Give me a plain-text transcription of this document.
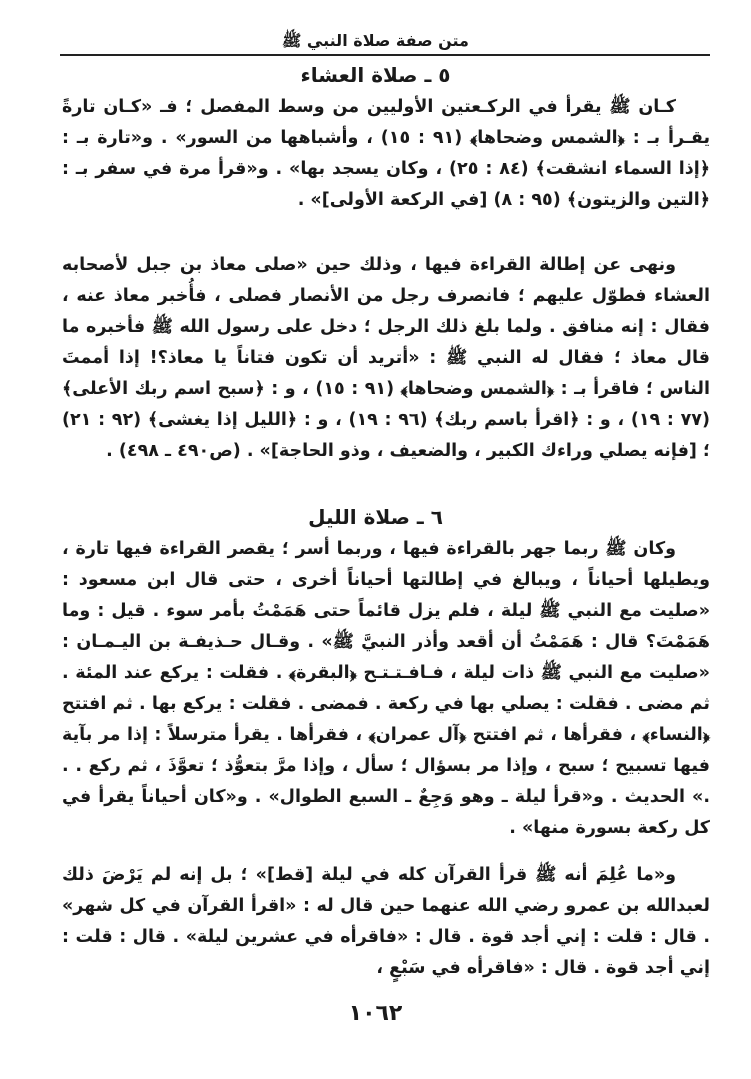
متن صفة صلاة النبي ﷺ
٥ ـ صلاة العشاء
كـان ﷺ يقرأ في الركـعتين الأوليين من وسط المفصل ؛ فـ «كـان تارةً يقـرأ بـ : ﴿الشمس وضحاها﴾ (٩١ : ١٥) ، وأشباهها من السور» . و«تارة بـ : ﴿إذا السماء انشقت﴾ (٨٤ : ٢٥) ، وكان يسجد بها» . و«قرأ مرة في سفر بـ : ﴿التين والزيتون﴾ (٩٥ : ٨) [في الركعة الأولى]» .
ونهى عن إطالة القراءة فيها ، وذلك حين «صلى معاذ بن جبل لأصحابه العشاء فطوّل عليهم ؛ فانصرف رجل من الأنصار فصلى ، فأُخبر معاذ عنه ، فقال : إنه منافق . ولما بلغ ذلك الرجل ؛ دخل على رسول الله ﷺ فأخبره ما قال معاذ ؛ فقال له النبي ﷺ : «أتريد أن تكون فتاناً يا معاذ؟! إذا أممتَ الناس ؛ فاقرأ بـ : ﴿الشمس وضحاها﴾ (٩١ : ١٥) ، و : ﴿سبح اسم ربك الأعلى﴾ (٧٧ : ١٩) ، و : ﴿اقرأ باسم ربك﴾ (٩٦ : ١٩) ، و : ﴿الليل إذا يغشى﴾ (٩٢ : ٢١) ؛ [فإنه يصلي وراءك الكبير ، والضعيف ، وذو الحاجة]» . (ص٤٩٠ ـ ٤٩٨) .
٦ ـ صلاة الليل
وكان ﷺ ربما جهر بالقراءة فيها ، وربما أسر ؛ يقصر القراءة فيها تارة ، ويطيلها أحياناً ، ويبالغ في إطالتها أحياناً أخرى ، حتى قال ابن مسعود : «صليت مع النبي ﷺ ليلة ، فلم يزل قائماً حتى هَمَمْتُ بأمر سوء . قيل : وما هَمَمْتَ؟ قال : هَمَمْتُ أن أقعد وأذر النبيَّ ﷺ» . وقـال حـذيفـة بن اليـمـان : «صليت مع النبي ﷺ ذات ليلة ، فـافـتـتـح ﴿البقرة﴾ . فقلت : يركع عند المئة . ثم مضى . فقلت : يصلي بها في ركعة . فمضى . فقلت : يركع بها . ثم افتتح ﴿النساء﴾ ، فقرأها ، ثم افتتح ﴿آل عمران﴾ ، فقرأها . يقرأ مترسلاً : إذا مر بآية فيها تسبيح ؛ سبح ، وإذا مر بسؤال ؛ سأل ، وإذا مرَّ بتعوُّذ ؛ تعوَّذَ ، ثم ركع . . .» الحديث . و«قرأ ليلة ـ وهو وَجِعٌ ـ السبع الطوال» . و«كان أحياناً يقرأ في كل ركعة بسورة منها» .
و«ما عُلِمَ أنه ﷺ قرأ القرآن كله في ليلة [قط]» ؛ بل إنه لم يَرْضَ ذلك لعبدالله بن عمرو رضي الله عنهما حين قال له : «اقرأ القرآن في كل شهر» . قال : قلت : إني أجد قوة . قال : «فاقرأه في عشرين ليلة» . قال : قلت : إني أجد قوة . قال : «فاقرأه في سَبْعٍ ،
١٠٦٢
